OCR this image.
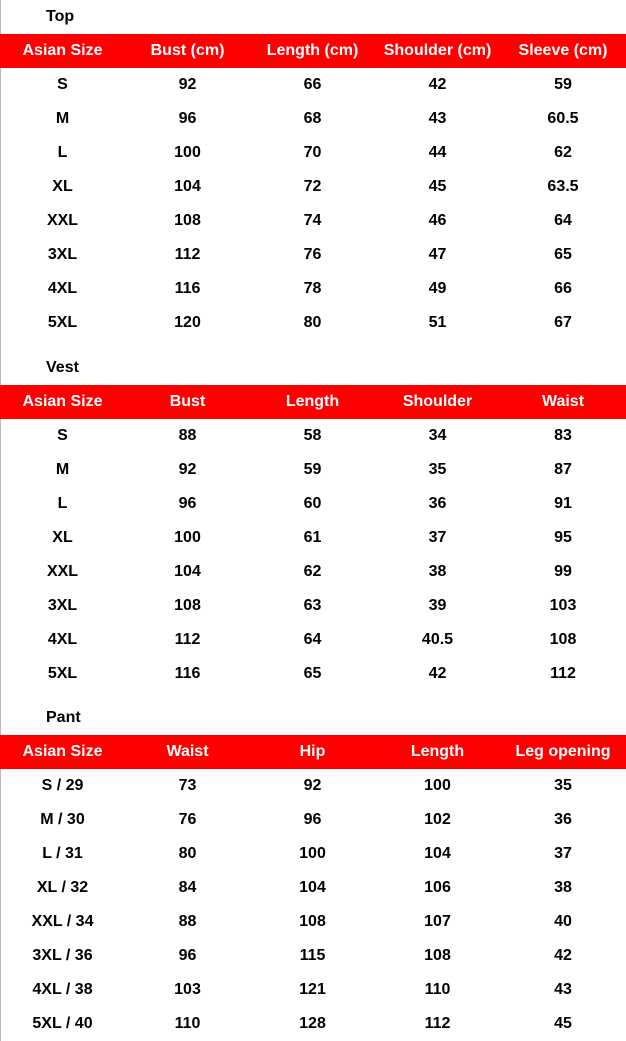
Top
Asian Size	Bust (cm)	Length (cm)	Shoulder (cm)	Sleeve (cm)
S	92	66	42	59
M	96	68	43	60.5
L	100	70	44	62
XL	104	72	45	63.5
XXL	108	74	46	64
3XL	112	76	47	65
4XL	116	78	49	66
5XL	120	80	51	67
Vest
Asian Size	Bust	Length	Shoulder	Waist
S	88	58	34	83
M	92	59	35	87
L	96	60	36	91
XL	100	61	37	95
XXL	104	62	38	99
3XL	108	63	39	103
4XL	112	64	40.5	108
5XL	116	65	42	112
Pant
Asian Size	Waist	Hip	Length	Leg opening
S / 29	73	92	100	35
M / 30	76	96	102	36
L / 31	80	100	104	37
XL / 32	84	104	106	38
XXL / 34	88	108	107	40
3XL / 36	96	115	108	42
4XL / 38	103	121	110	43
5XL / 40	110	128	112	45
